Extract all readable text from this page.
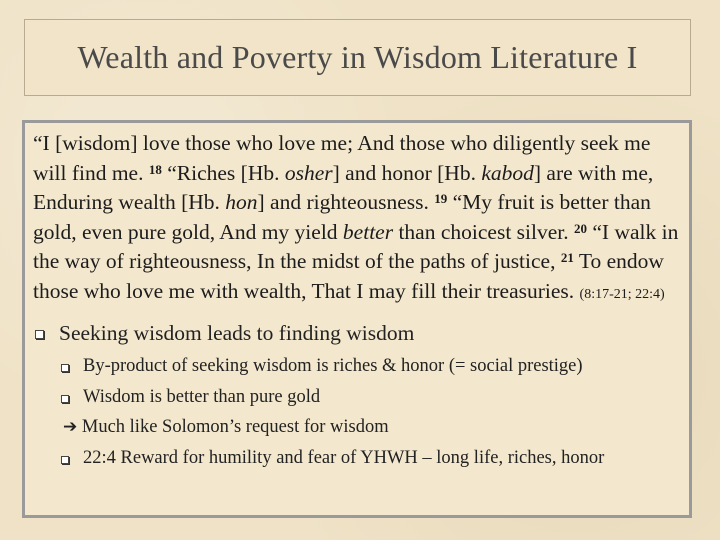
Wealth and Poverty in Wisdom Literature I
“I [wisdom] love those who love me; And those who diligently seek me will find me. $^{18}$ “Riches [Hb. osher] and honor [Hb. kabod] are with me, Enduring wealth [Hb. hon] and righteousness. $^{19}$ “My fruit is better than gold, even pure gold, And my yield better than choicest silver. $^{20}$ “I walk in the way of righteousness, In the midst of the paths of justice, $^{21}$ To endow those who love me with wealth, That I may fill their treasuries. (8:17-21; 22:4)
Seeking wisdom leads to finding wisdom
By-product of seeking wisdom is riches & honor (= social prestige)
Wisdom is better than pure gold
➔ Much like Solomon’s request for wisdom
22:4 Reward for humility and fear of YHWH – long life, riches, honor
